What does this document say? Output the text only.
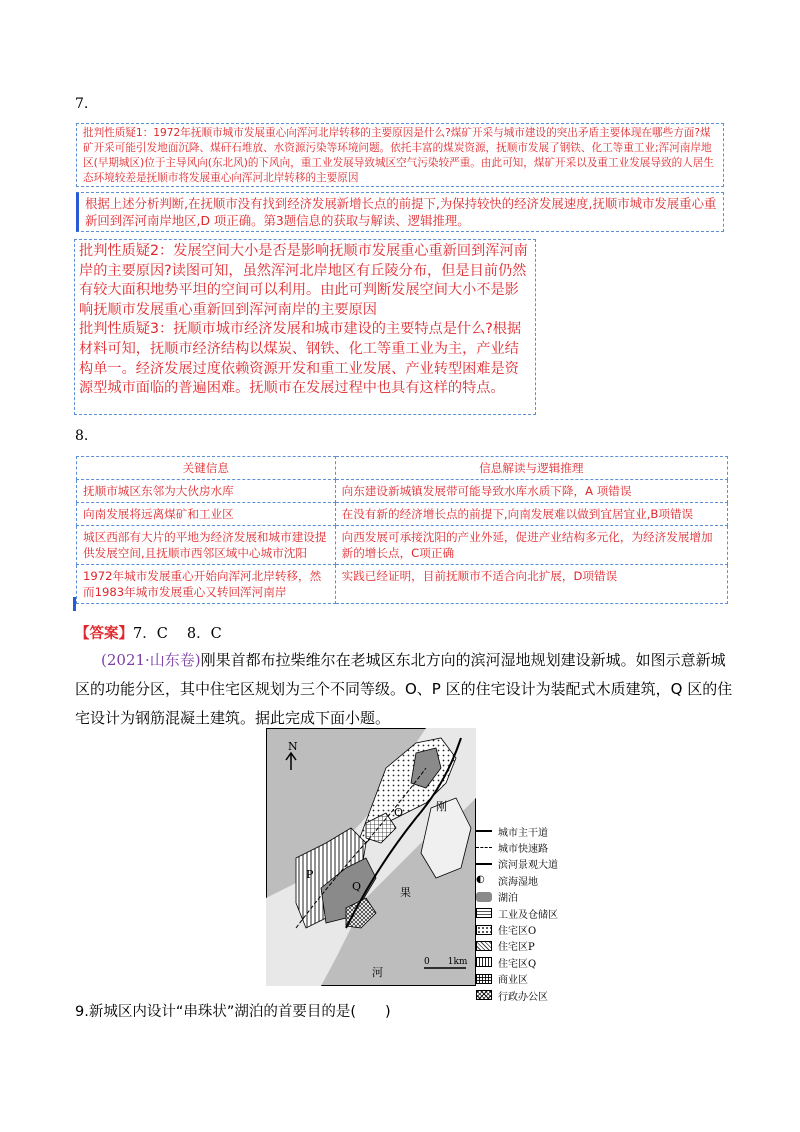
7.
批判性质疑1：1972年抚顺市城市发展重心向浑河北岸转移的主要原因是什么?煤矿开采与城市建设的突出矛盾主要体现在哪些方面?煤矿开采可能引发地面沉降、煤矸石堆放、水资源污染等环境问题。依托丰富的煤炭资源，抚顺市发展了钢铁、化工等重工业;浑河南岸地区(早期城区)位于主导风向(东北风)的下风向，重工业发展导致城区空气污染较严重。由此可知，煤矿开采以及重工业发展导致的人居生态环境较差是抚顺市将发展重心向浑河北岸转移的主要原因
根据上述分析判断,在抚顺市没有找到经济发展新增长点的前提下,为保持较快的经济发展速度,抚顺市城市发展重心重新回到浑河南岸地区,D 项正确。第3题信息的获取与解读、逻辑推理。
批判性质疑2：发展空间大小是否是影响抚顺市发展重心重新回到浑河南岸的主要原因?读图可知，虽然浑河北岸地区有丘陵分布，但是目前仍然有较大面积地势平坦的空间可以利用。由此可判断发展空间大小不是影响抚顺市发展重心重新回到浑河南岸的主要原因
批判性质疑3：抚顺市城市经济发展和城市建设的主要特点是什么?根据材料可知，抚顺市经济结构以煤炭、钢铁、化工等重工业为主，产业结构单一。经济发展过度依赖资源开发和重工业发展、产业转型困难是资源型城市面临的普遍困难。抚顺市在发展过程中也具有这样的特点。
8.
关键信息	信息解读与逻辑推理
抚顺市城区东邻为大伙房水库	向东建设新城镇发展带可能导致水库水质下降，A 项错误
向南发展将远离煤矿和工业区	在没有新的经济增长点的前提下,向南发展难以做到宜居宜业,B项错误
城区西部有大片的平地为经济发展和城市建设提供发展空间,且抚顺市西邻区域中心城市沈阳	向西发展可承接沈阳的产业外延，促进产业结构多元化，为经济发展增加新的增长点，C项正确
1972年城市发展重心开始向浑河北岸转移，然而1983年城市发展重心又转回浑河南岸	实践已经证明，目前抚顺市不适合向北扩展，D项错误
【答案】7．C　 8．C
(2021·山东卷)刚果首都布拉柴维尔在老城区东北方向的滨河湿地规划建设新城。如图示意新城区的功能分区，其中住宅区规划为三个不同等级。O、P 区的住宅设计为装配式木质建筑，Q 区的住宅设计为钢筋混凝土建筑。据此完成下面小题。
N
O
P
Q
刚
果
河
0　　1km
城市主干道
城市快速路
滨河景观大道
◐	滨海湿地
湖泊
工业及仓储区
住宅区O
住宅区P
住宅区Q
商业区
行政办公区
9.新城区内设计“串珠状”湖泊的首要目的是(　　)
